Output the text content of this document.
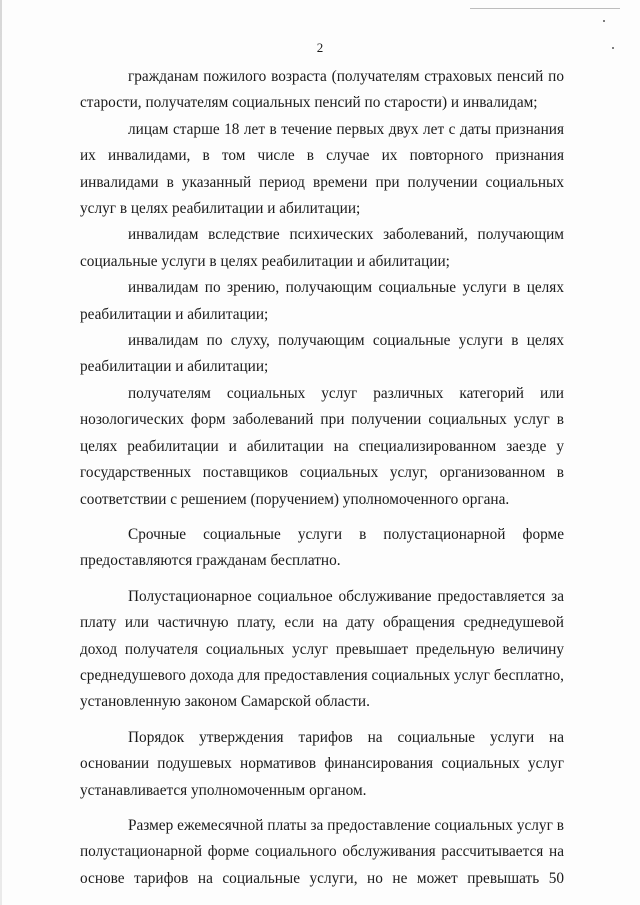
2

гражданам пожилого возраста (получателям страховых пенсий по старости, получателям социальных пенсий по старости) и инвалидам;

лицам старше 18 лет в течение первых двух лет с даты признания их инвалидами, в том числе в случае их повторного признания инвалидами в указанный период времени при получении социальных услуг в целях реабилитации и абилитации;

инвалидам вследствие психических заболеваний, получающим социальные услуги в целях реабилитации и абилитации;

инвалидам по зрению, получающим социальные услуги в целях реабилитации и абилитации;

инвалидам по слуху, получающим социальные услуги в целях реабилитации и абилитации;

получателям социальных услуг различных категорий или нозологических форм заболеваний при получении социальных услуг в целях реабилитации и абилитации на специализированном заезде у государственных поставщиков социальных услуг, организованном в соответствии с решением (поручением) уполномоченного органа.

Срочные социальные услуги в полустационарной форме предоставляются гражданам бесплатно.

Полустационарное социальное обслуживание предоставляется за плату или частичную плату, если на дату обращения среднедушевой доход получателя социальных услуг превышает предельную величину среднедушевого дохода для предоставления социальных услуг бесплатно, установленную законом Самарской области.

Порядок утверждения тарифов на социальные услуги на основании подушевых нормативов финансирования социальных услуг устанавливается уполномоченным органом.

Размер ежемесячной платы за предоставление социальных услуг в полустационарной форме социального обслуживания рассчитывается на основе тарифов на социальные услуги, но не может превышать 50
